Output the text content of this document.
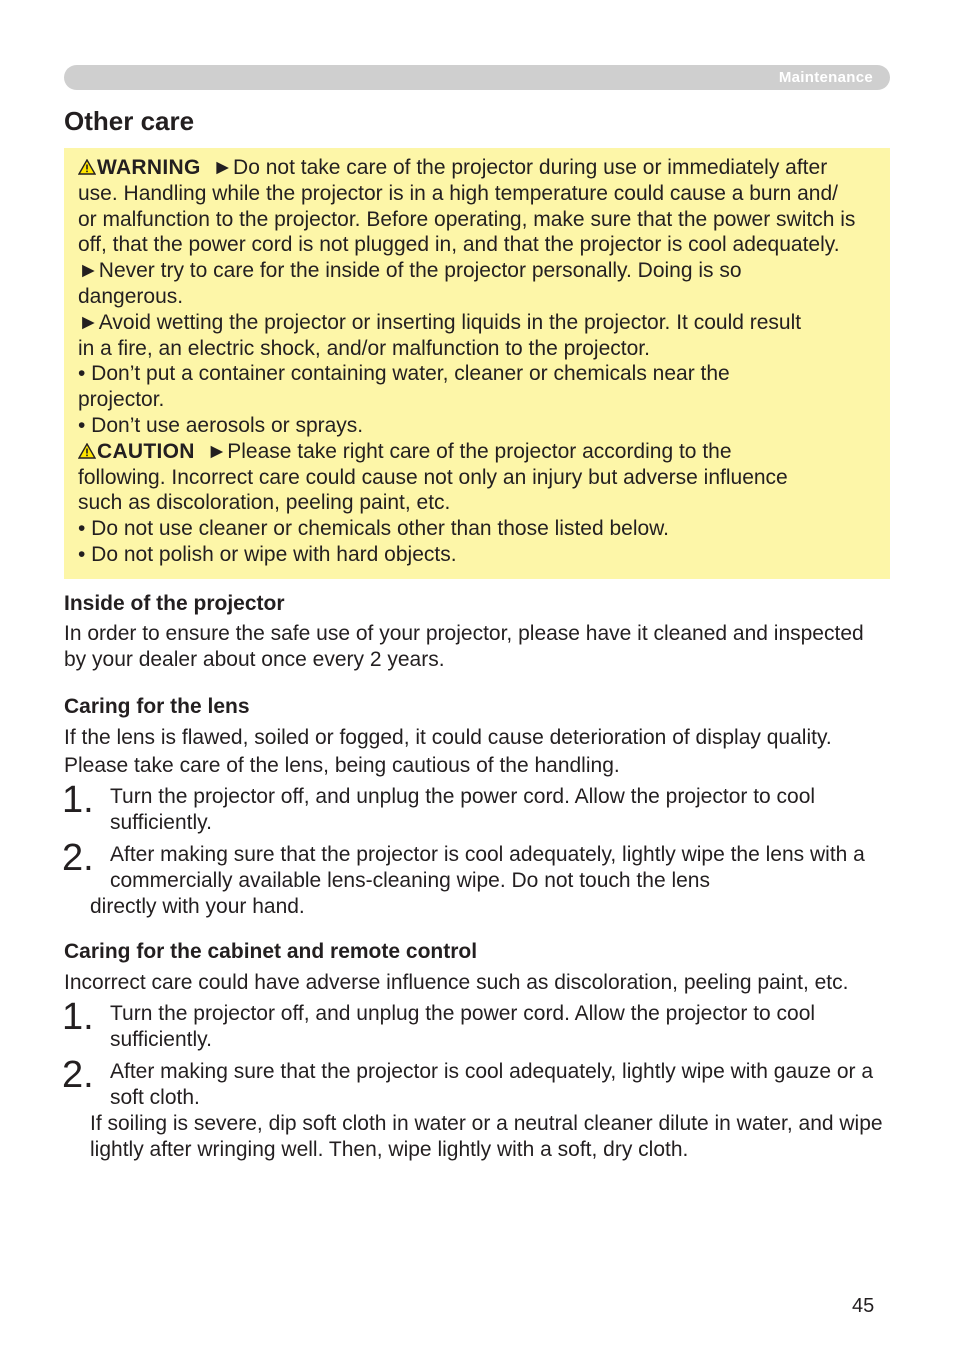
Maintenance
Other care

WARNING ►Do not take care of the projector during use or immediately after

use. Handling while the projector is in a high temperature could cause a burn and/

or malfunction to the projector. Before operating, make sure that the power switch is

off, that the power cord is not plugged in, and that the projector is cool adequately.

►Never try to care for the inside of the projector personally. Doing is so

dangerous.

►Avoid wetting the projector or inserting liquids in the projector. It could result

in a fire, an electric shock, and/or malfunction to the projector.

• Don’t put a container containing water, cleaner or chemicals near the

projector.

• Don’t use aerosols or sprays.

CAUTION ►Please take right care of the projector according to the

following. Incorrect care could cause not only an injury but adverse influence

such as discoloration, peeling paint, etc.

• Do not use cleaner or chemicals other than those listed below.

• Do not polish or wipe with hard objects.

Inside of the projector

In order to ensure the safe use of your projector, please have it cleaned and inspected by your dealer about once every 2 years.

Caring for the lens

If the lens is flawed, soiled or fogged, it could cause deterioration of display quality. Please take care of the lens, being cautious of the handling.

1. Turn the projector off, and unplug the power cord. Allow the projector to cool sufficiently.
2. After making sure that the projector is cool adequately, lightly wipe the lens with a commercially available lens-cleaning wipe. Do not touch the lens

directly with your hand.

Caring for the cabinet and remote control

Incorrect care could have adverse influence such as discoloration, peeling paint, etc.

1. Turn the projector off, and unplug the power cord. Allow the projector to cool sufficiently.
2. After making sure that the projector is cool adequately, lightly wipe with gauze or a soft cloth.

If soiling is severe, dip soft cloth in water or a neutral cleaner dilute in water, and wipe lightly after wringing well. Then, wipe lightly with a soft, dry cloth.

45
